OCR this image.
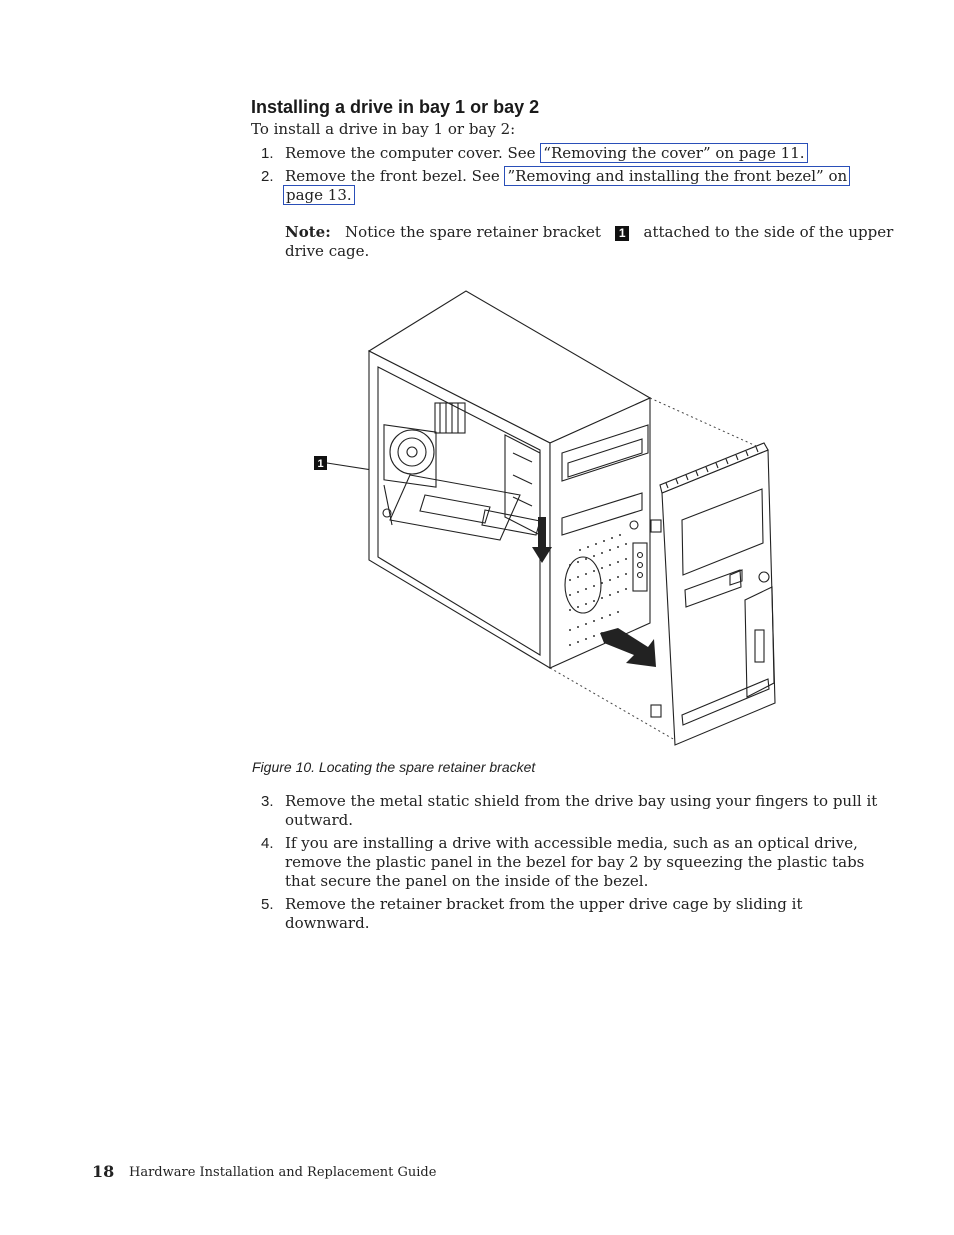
Installing a drive in bay 1 or bay 2
To install a drive in bay 1 or bay 2:
1. Remove the computer cover. See “Removing the cover” on page 11.
2. Remove the front bezel. See ”Removing and installing the front bezel” on
page 13.
Note: Notice the spare retainer bracket 1 attached to the side of the upper
drive cage.
1
Figure 10. Locating the spare retainer bracket
3. Remove the metal static shield from the drive bay using your fingers to pull it
outward.
4. If you are installing a drive with accessible media, such as an optical drive,
remove the plastic panel in the bezel for bay 2 by squeezing the plastic tabs
that secure the panel on the inside of the bezel.
5. Remove the retainer bracket from the upper drive cage by sliding it
downward.
18 Hardware Installation and Replacement Guide
